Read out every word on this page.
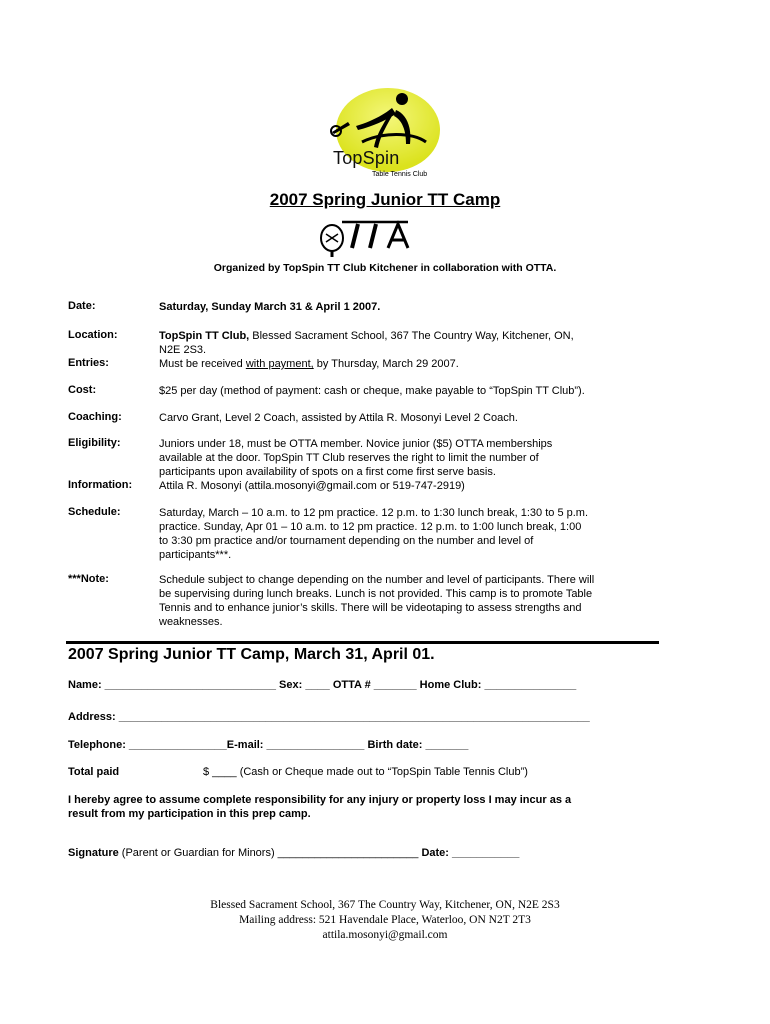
TopSpin
Table Tennis Club
2007 Spring Junior TT Camp
Organized by TopSpin TT Club Kitchener in collaboration with OTTA.
Date:	Saturday, Sunday March 31 & April 1 2007.
Location:	TopSpin TT Club, Blessed Sacrament School, 367 The Country Way, Kitchener, ON,
N2E 2S3.
Entries:	Must be received with payment, by Thursday, March 29 2007.
Cost:	$25 per day (method of payment: cash or cheque, make payable to “TopSpin TT Club”).
Coaching:	Carvo Grant, Level 2 Coach, assisted by Attila R. Mosonyi Level 2 Coach.
Eligibility:	Juniors under 18, must be OTTA member. Novice junior ($5) OTTA memberships
available at the door. TopSpin TT Club reserves the right to limit the number of
participants upon availability of spots on a first come first serve basis.
Information: Attila R. Mosonyi (attila.mosonyi@gmail.com or 519-747-2919)
Schedule:	Saturday, March – 10 a.m. to 12 pm practice. 12 p.m. to 1:30 lunch break, 1:30 to 5 p.m.
practice. Sunday, Apr 01 – 10 a.m. to 12 pm practice. 12 p.m. to 1:00 lunch break, 1:00
to 3:30 pm practice and/or tournament depending on the number and level of
participants***.
***Note:	Schedule subject to change depending on the number and level of participants. There will
be supervising during lunch breaks. Lunch is not provided. This camp is to promote Table
Tennis and to enhance junior’s skills. There will be videotaping to assess strengths and
weaknesses.
2007 Spring Junior TT Camp, March 31, April 01.
Name: ____________________________ Sex: ____ OTTA # _______ Home Club: _______________
Address: _____________________________________________________________________________
Telephone: ________________E-mail: ________________ Birth date: _______
Total paid	$ ____ (Cash or Cheque made out to “TopSpin Table Tennis Club”)
I hereby agree to assume complete responsibility for any injury or property loss I may incur as a
result from my participation in this prep camp.
Signature (Parent or Guardian for Minors) _______________________ Date: ___________
Blessed Sacrament School, 367 The Country Way, Kitchener, ON, N2E 2S3
Mailing address: 521 Havendale Place, Waterloo, ON N2T 2T3
attila.mosonyi@gmail.com
